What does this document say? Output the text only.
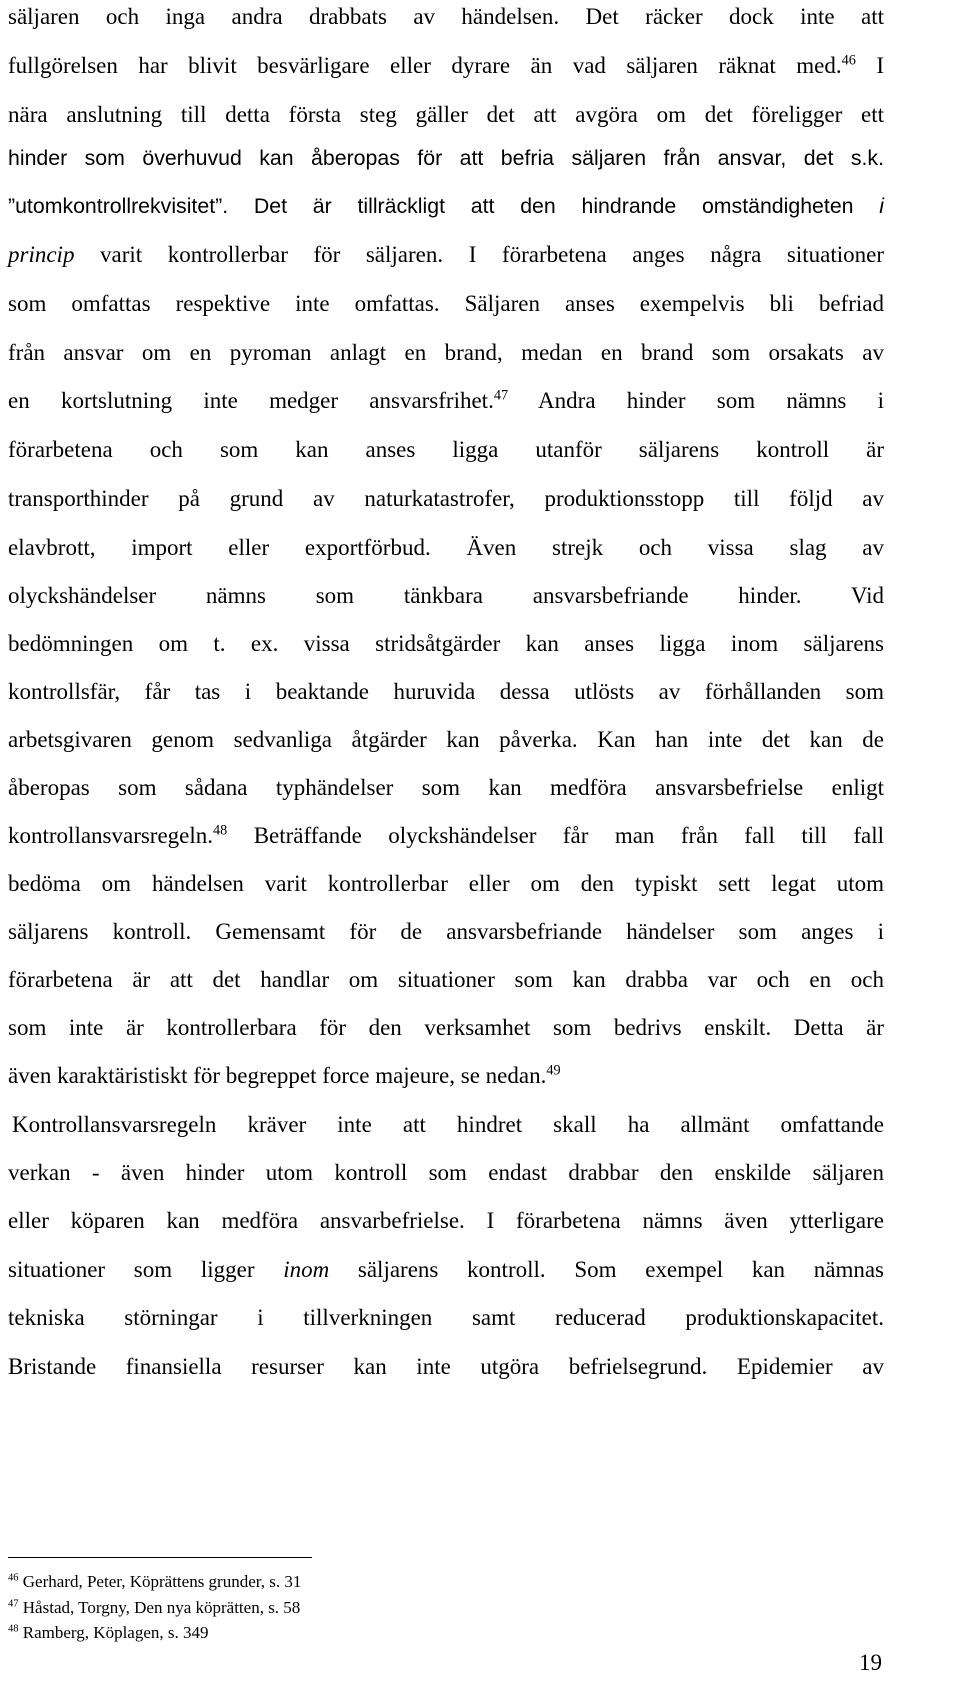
säljaren och inga andra drabbats av händelsen. Det räcker dock inte att
fullgörelsen har blivit besvärligare eller dyrare än vad säljaren räknat med.$^{46}$ I
nära anslutning till detta första steg gäller det att avgöra om det föreligger ett
hinder som överhuvud kan åberopas för att befria säljaren från ansvar, det s.k.
”utomkontrollrekvisitet”. Det är tillräckligt att den hindrande omständigheten i
princip varit kontrollerbar för säljaren. I förarbetena anges några situationer
som omfattas respektive inte omfattas. Säljaren anses exempelvis bli befriad
från ansvar om en pyroman anlagt en brand, medan en brand som orsakats av
en kortslutning inte medger ansvarsfrihet.$^{47}$ Andra hinder som nämns i
förarbetena och som kan anses ligga utanför säljarens kontroll är
transporthinder på grund av naturkatastrofer, produktionsstopp till följd av
elavbrott, import eller exportförbud. Även strejk och vissa slag av
olyckshändelser nämns som tänkbara ansvarsbefriande hinder. Vid
bedömningen om t. ex. vissa stridsåtgärder kan anses ligga inom säljarens
kontrollsfär, får tas i beaktande huruvida dessa utlösts av förhållanden som
arbetsgivaren genom sedvanliga åtgärder kan påverka. Kan han inte det kan de
åberopas som sådana typhändelser som kan medföra ansvarsbefrielse enligt
kontrollansvarsregeln.$^{48}$ Beträffande olyckshändelser får man från fall till fall
bedöma om händelsen varit kontrollerbar eller om den typiskt sett legat utom
säljarens kontroll. Gemensamt för de ansvarsbefriande händelser som anges i
förarbetena är att det handlar om situationer som kan drabba var och en och
som inte är kontrollerbara för den verksamhet som bedrivs enskilt. Detta är
även karaktäristiskt för begreppet force majeure, se nedan.$^{49}$
Kontrollansvarsregeln kräver inte att hindret skall ha allmänt omfattande
verkan - även hinder utom kontroll som endast drabbar den enskilde säljaren
eller köparen kan medföra ansvarbefrielse. I förarbetena nämns även ytterligare
situationer som ligger inom säljarens kontroll. Som exempel kan nämnas
tekniska störningar i tillverkningen samt reducerad produktionskapacitet.
Bristande finansiella resurser kan inte utgöra befrielsegrund. Epidemier av
$^{46}$ Gerhard, Peter, Köprättens grunder, s. 31
$^{47}$ Håstad, Torgny, Den nya köprätten, s. 58
$^{48}$ Ramberg, Köplagen, s. 349
19
